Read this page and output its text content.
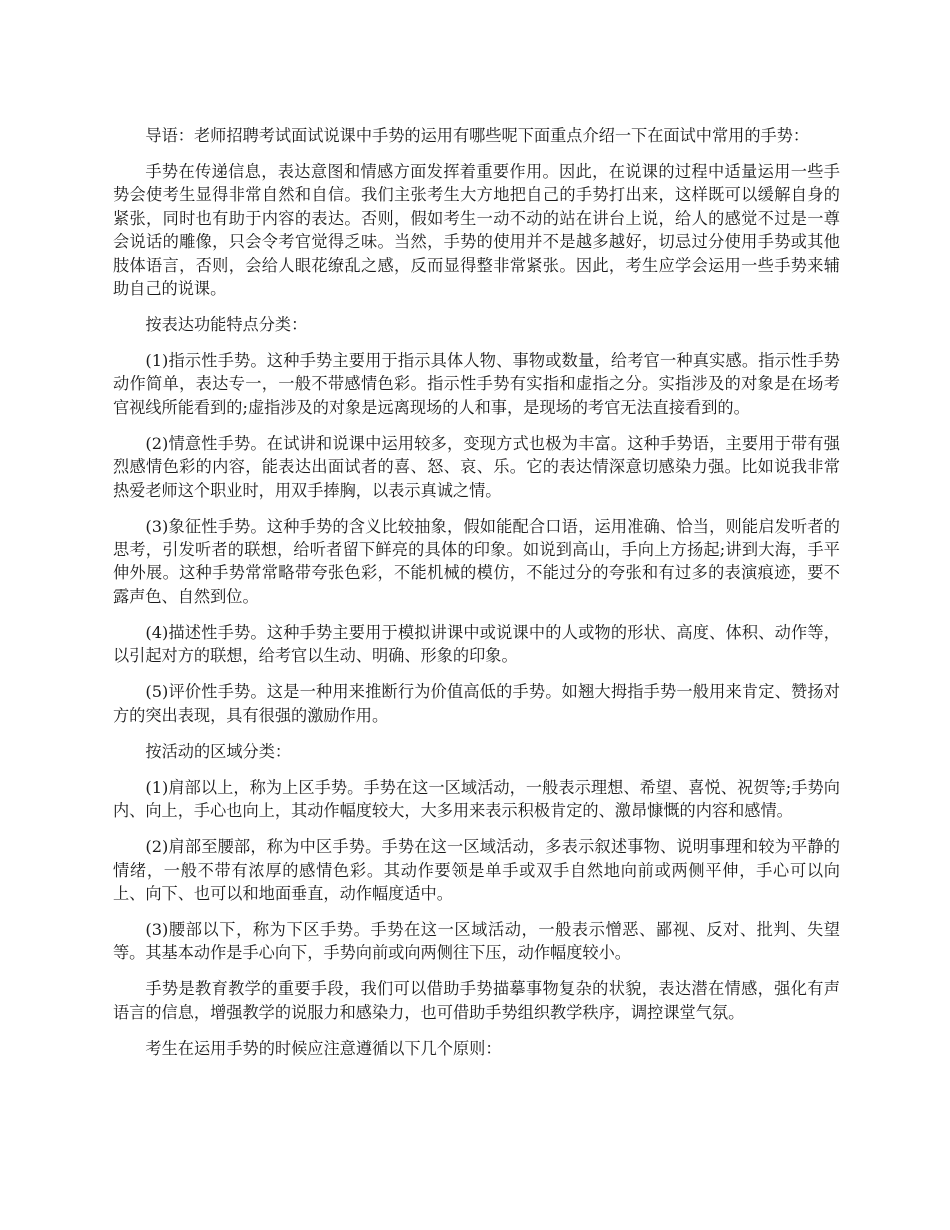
导语：老师招聘考试面试说课中手势的运用有哪些呢下面重点介绍一下在面试中常用的手势：

手势在传递信息，表达意图和情感方面发挥着重要作用。因此，在说课的过程中适量运用一些手势会使考生显得非常自然和自信。我们主张考生大方地把自己的手势打出来，这样既可以缓解自身的紧张，同时也有助于内容的表达。否则，假如考生一动不动的站在讲台上说，给人的感觉不过是一尊会说话的雕像，只会令考官觉得乏味。当然，手势的使用并不是越多越好，切忌过分使用手势或其他肢体语言，否则，会给人眼花缭乱之感，反而显得整非常紧张。因此，考生应学会运用一些手势来辅助自己的说课。

按表达功能特点分类：

(1)指示性手势。这种手势主要用于指示具体人物、事物或数量，给考官一种真实感。指示性手势动作简单，表达专一，一般不带感情色彩。指示性手势有实指和虚指之分。实指涉及的对象是在场考官视线所能看到的;虚指涉及的对象是远离现场的人和事，是现场的考官无法直接看到的。

(2)情意性手势。在试讲和说课中运用较多，变现方式也极为丰富。这种手势语，主要用于带有强烈感情色彩的内容，能表达出面试者的喜、怒、哀、乐。它的表达情深意切感染力强。比如说我非常热爱老师这个职业时，用双手捧胸，以表示真诚之情。

(3)象征性手势。这种手势的含义比较抽象，假如能配合口语，运用准确、恰当，则能启发听者的思考，引发听者的联想，给听者留下鲜亮的具体的印象。如说到高山，手向上方扬起;讲到大海，手平伸外展。这种手势常常略带夸张色彩，不能机械的模仿，不能过分的夸张和有过多的表演痕迹，要不露声色、自然到位。

(4)描述性手势。这种手势主要用于模拟讲课中或说课中的人或物的形状、高度、体积、动作等，以引起对方的联想，给考官以生动、明确、形象的印象。

(5)评价性手势。这是一种用来推断行为价值高低的手势。如翘大拇指手势一般用来肯定、赞扬对方的突出表现，具有很强的激励作用。

按活动的区域分类：

(1)肩部以上，称为上区手势。手势在这一区域活动，一般表示理想、希望、喜悦、祝贺等;手势向内、向上，手心也向上，其动作幅度较大，大多用来表示积极肯定的、激昂慷慨的内容和感情。

(2)肩部至腰部，称为中区手势。手势在这一区域活动，多表示叙述事物、说明事理和较为平静的情绪，一般不带有浓厚的感情色彩。其动作要领是单手或双手自然地向前或两侧平伸，手心可以向上、向下、也可以和地面垂直，动作幅度适中。

(3)腰部以下，称为下区手势。手势在这一区域活动，一般表示憎恶、鄙视、反对、批判、失望等。其基本动作是手心向下，手势向前或向两侧往下压，动作幅度较小。

手势是教育教学的重要手段，我们可以借助手势描摹事物复杂的状貌，表达潜在情感，强化有声语言的信息，增强教学的说服力和感染力，也可借助手势组织教学秩序，调控课堂气氛。

考生在运用手势的时候应注意遵循以下几个原则：
